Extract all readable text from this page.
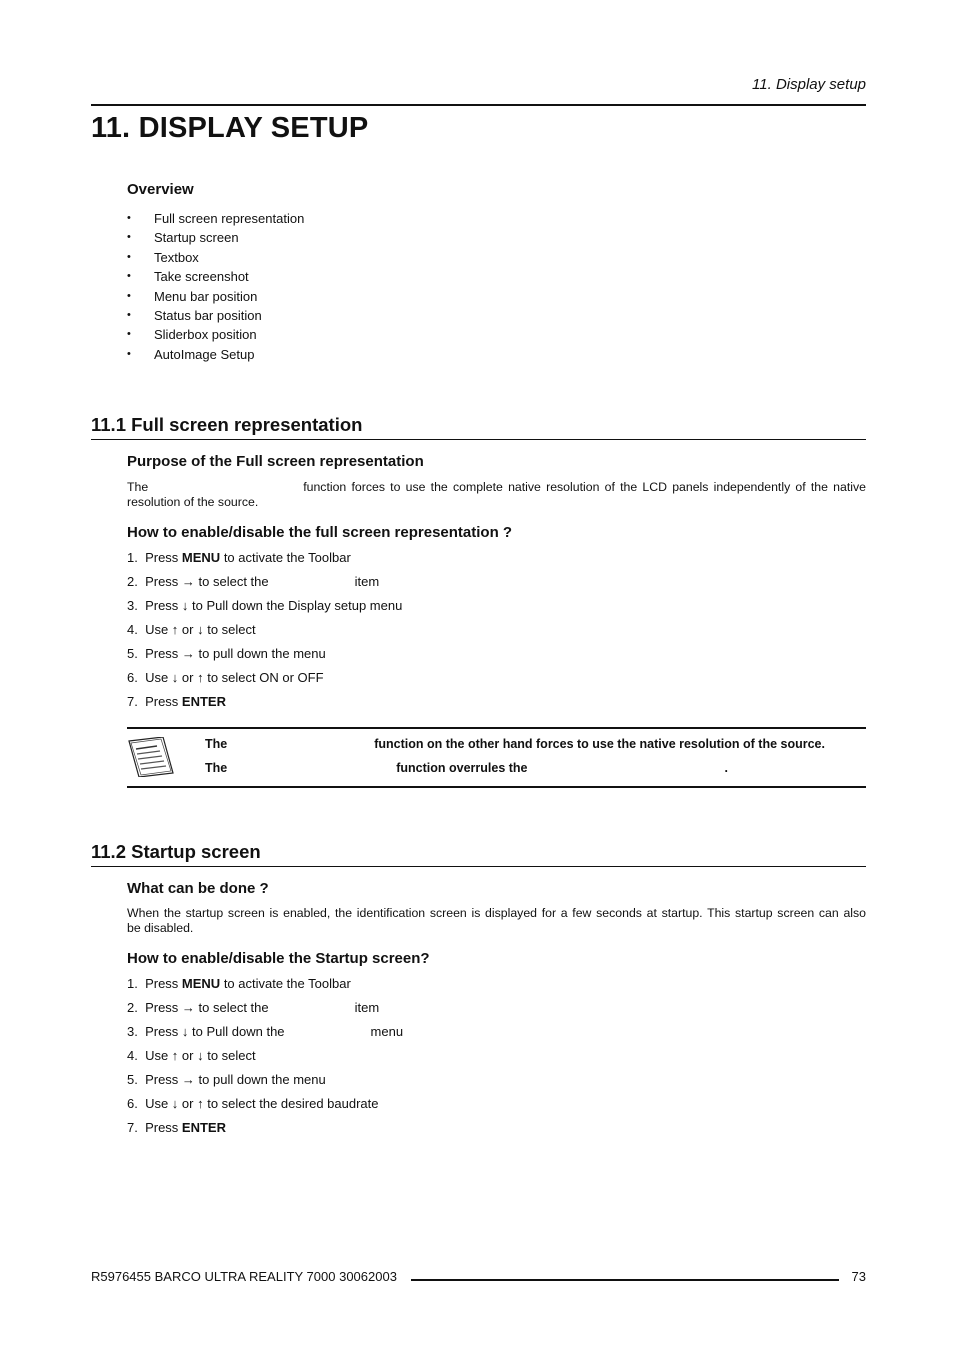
11. Display setup
11. DISPLAY SETUP
Overview
• Full screen representation
• Startup screen
• Textbox
• Take screenshot
• Menu bar position
• Status bar position
• Sliderbox position
• AutoImage Setup
11.1 Full screen representation
Purpose of the Full screen representation
The	function forces to use the complete native resolution of the LCD panels independently of the native
resolution of the source.
How to enable/disable the full screen representation ?
1. Press MENU to activate the Toolbar
2. Press → to select the	item
3. Press ↓ to Pull down the Display setup menu
4. Use ↑ or ↓ to select
5. Press → to pull down the menu
6. Use ↓ or ↑ to select ON or OFF
7. Press ENTER
The	function on the other hand forces to use the native resolution of the source.
The	function overrules the	.
11.2 Startup screen
What can be done ?
When the startup screen is enabled, the identification screen is displayed for a few seconds at startup. This startup screen can also
be disabled.
How to enable/disable the Startup screen?
1. Press MENU to activate the Toolbar
2. Press → to select the	item
3. Press ↓ to Pull down the	menu
4. Use ↑ or ↓ to select
5. Press → to pull down the menu
6. Use ↓ or ↑ to select the desired baudrate
7. Press ENTER
R5976455 BARCO ULTRA REALITY 7000 30062003	73
